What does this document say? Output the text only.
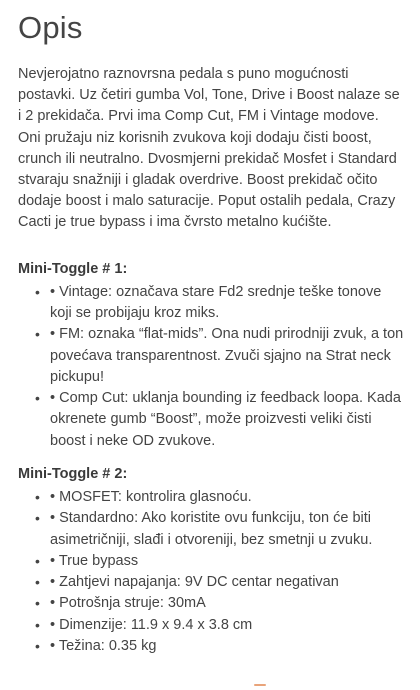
Opis

Nevjerojatno raznovrsna pedala s puno mogućnosti postavki. Uz četiri gumba Vol, Tone, Drive i Boost nalaze se i 2 prekidača. Prvi ima Comp Cut, FM i Vintage modove. Oni pružaju niz korisnih zvukova koji dodaju čisti boost, crunch ili neutralno. Dvosmjerni prekidač Mosfet i Standard stvaraju snažniji i gladak overdrive. Boost prekidač očito dodaje boost i malo saturacije. Poput ostalih pedala, Crazy Cacti je true bypass i ima čvrsto metalno kućište.

Mini-Toggle # 1:
• • Vintage: označava stare Fd2 srednje teške tonove koji se probijaju kroz miks.
• • FM: oznaka “flat-mids”. Ona nudi prirodniji zvuk, a ton povećava transparentnost. Zvuči sjajno na Strat neck pickupu!
• • Comp Cut: uklanja bounding iz feedback loopa. Kada okrenete gumb “Boost”, može proizvesti veliki čisti boost i neke OD zvukove.
Mini-Toggle # 2:
• • MOSFET: kontrolira glasnoću.
• • Standardno: Ako koristite ovu funkciju, ton će biti asimetričniji, slađi i otvoreniji, bez smetnji u zvuku.
• • True bypass
• • Zahtjevi napajanja: 9V DC centar negativan
• • Potrošnja struje: 30mA
• • Dimenzije: 11.9 x 9.4 x 3.8 cm
• • Težina: 0.35 kg
